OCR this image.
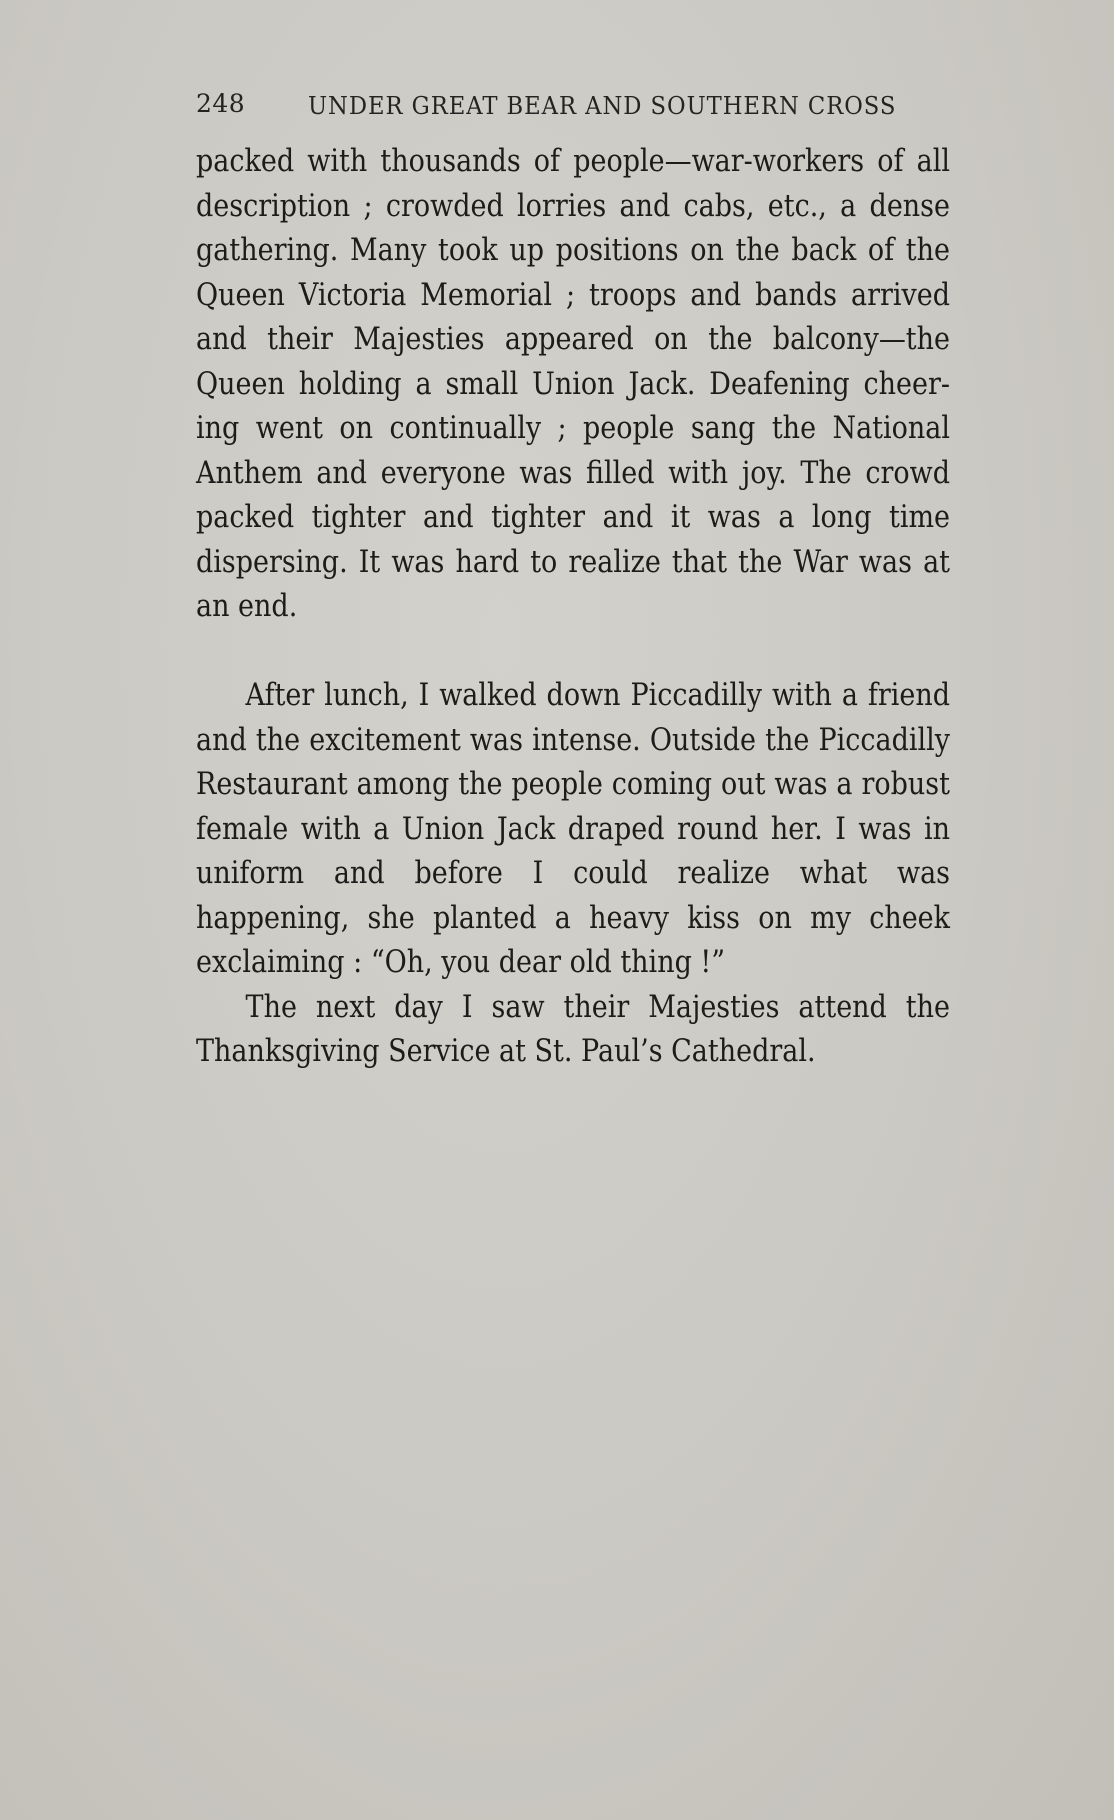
248	UNDER GREAT BEAR AND SOUTHERN CROSS

packed with thousands of people—war-workers of all description ; crowded lorries and cabs, etc., a dense gathering. Many took up positions on the back of the Queen Victoria Memorial ; troops and bands arrived and their Majesties appeared on the balcony—the Queen holding a small Union Jack. Deafening cheer-ing went on continually ; people sang the National Anthem and everyone was filled with joy. The crowd packed tighter and tighter and it was a long time dispersing. It was hard to realize that the War was at an end.

After lunch, I walked down Piccadilly with a friend and the excitement was intense. Outside the Piccadilly Restaurant among the people coming out was a robust female with a Union Jack draped round her. I was in uniform and before I could realize what was happening, she planted a heavy kiss on my cheek exclaiming : “Oh, you dear old thing !”

The next day I saw their Majesties attend the Thanksgiving Service at St. Paul’s Cathedral.
